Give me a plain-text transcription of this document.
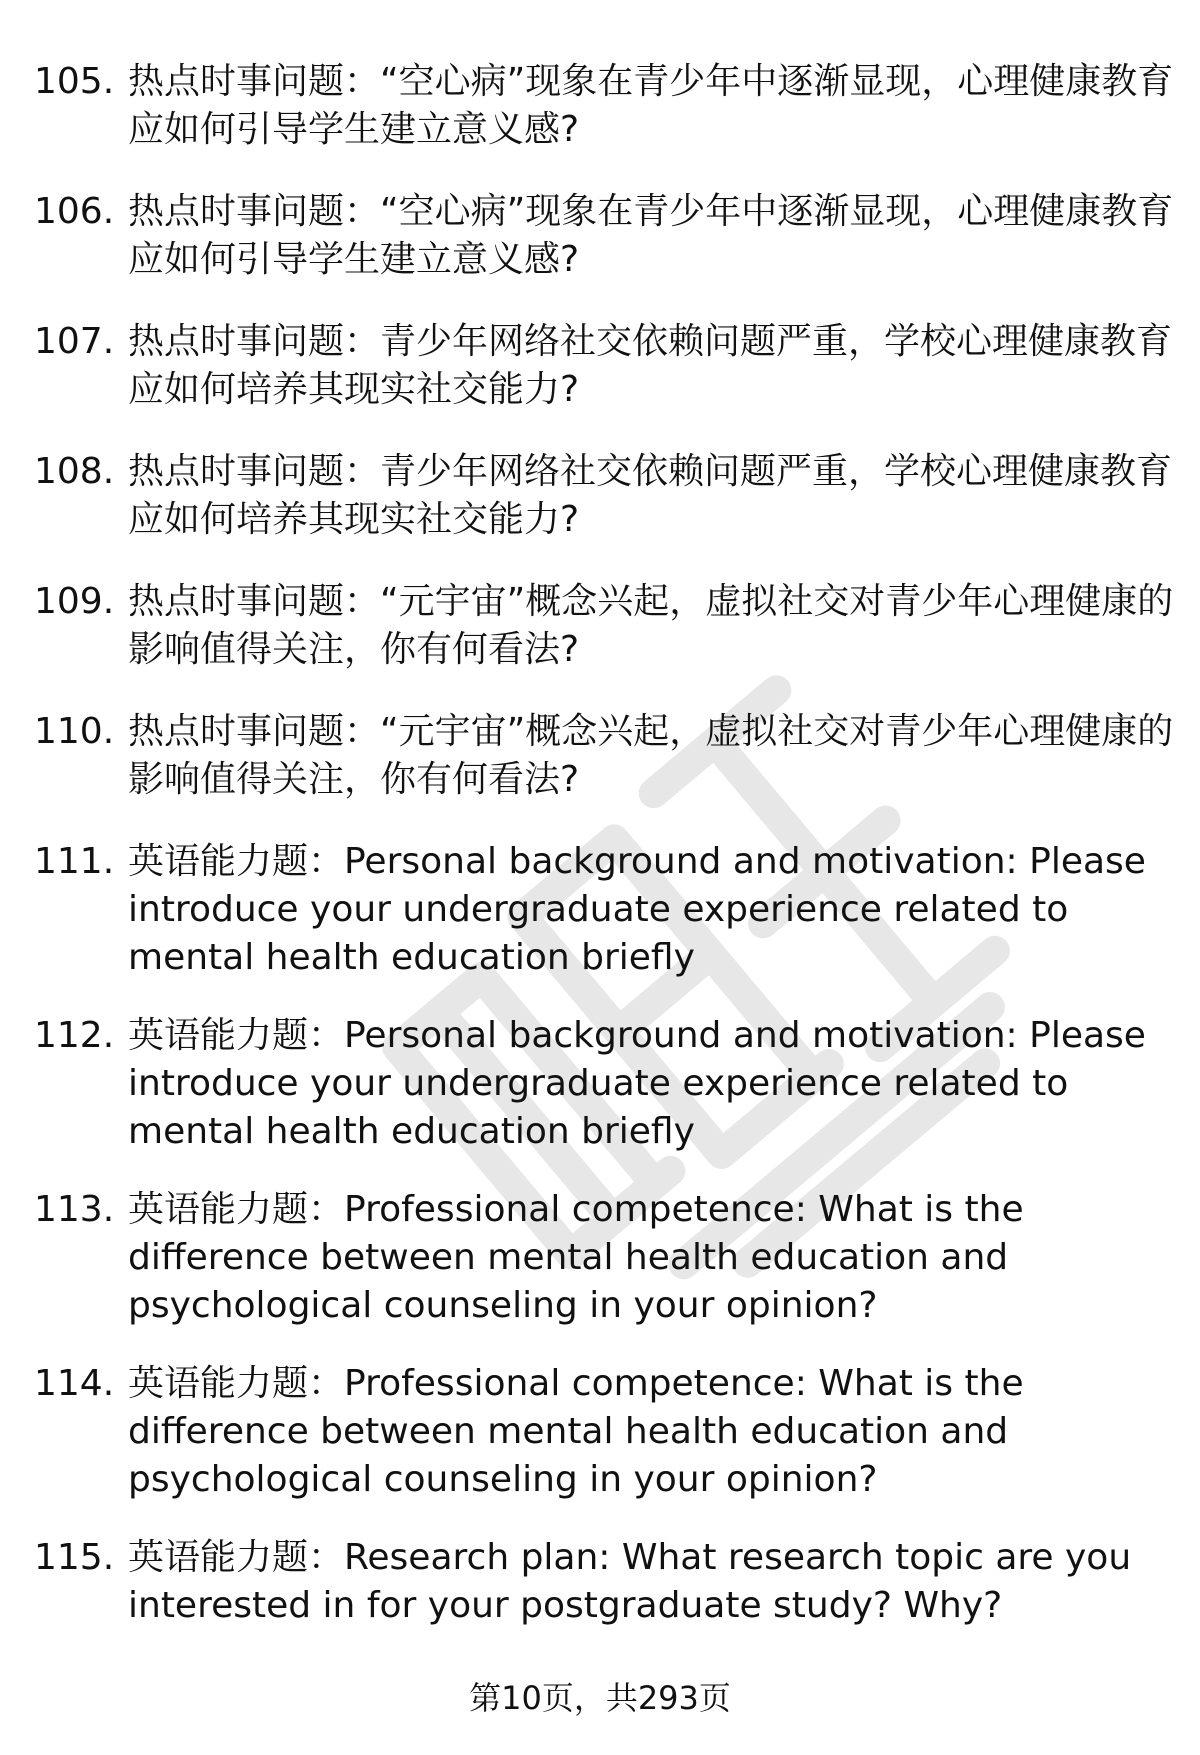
105. 热点时事问题：“空心病”现象在青少年中逐渐显现，心理健康教育应如何引导学生建立意义感?
106. 热点时事问题：“空心病”现象在青少年中逐渐显现，心理健康教育应如何引导学生建立意义感?
107. 热点时事问题：青少年网络社交依赖问题严重，学校心理健康教育应如何培养其现实社交能力?
108. 热点时事问题：青少年网络社交依赖问题严重，学校心理健康教育应如何培养其现实社交能力?
109. 热点时事问题：“元宇宙”概念兴起，虚拟社交对青少年心理健康的影响值得关注，你有何看法?
110. 热点时事问题：“元宇宙”概念兴起，虚拟社交对青少年心理健康的影响值得关注，你有何看法?
111. 英语能力题：Personal background and motivation: Please introduce your undergraduate experience related to mental health education briefly
112. 英语能力题：Personal background and motivation: Please introduce your undergraduate experience related to mental health education briefly
113. 英语能力题：Professional competence: What is the difference between mental health education and psychological counseling in your opinion?
114. 英语能力题：Professional competence: What is the difference between mental health education and psychological counseling in your opinion?
115. 英语能力题：Research plan: What research topic are you interested in for your postgraduate study? Why?
第10页，共293页
